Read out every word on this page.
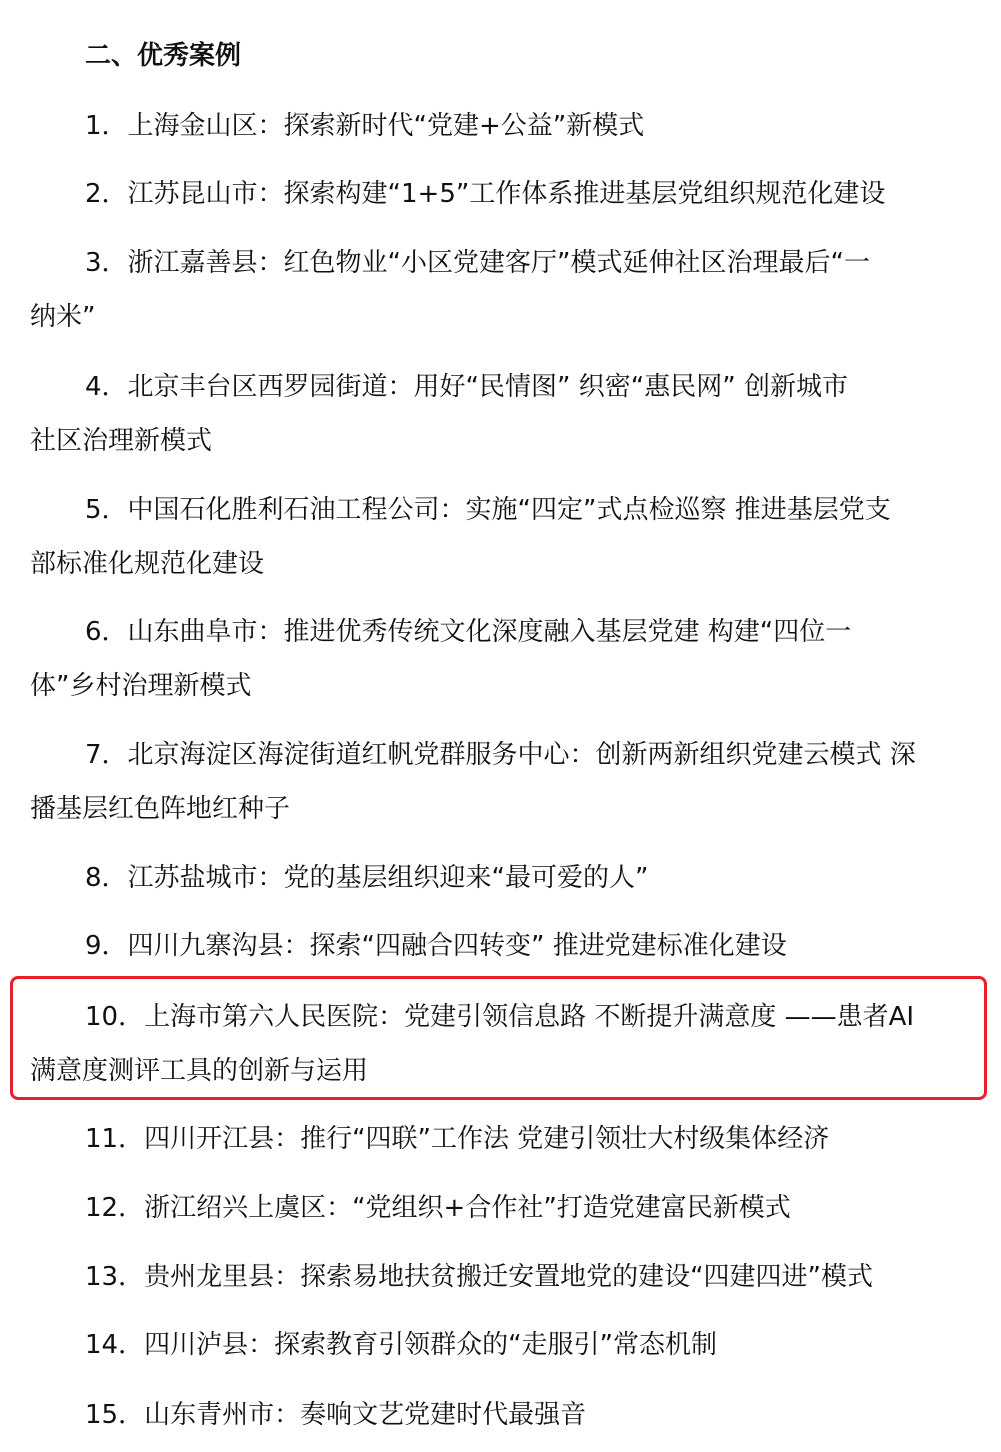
二、优秀案例
1．上海金山区：探索新时代“党建+公益”新模式
2．江苏昆山市：探索构建“1+5”工作体系推进基层党组织规范化建设
3．浙江嘉善县：红色物业“小区党建客厅”模式延伸社区治理最后“一
纳米”
4．北京丰台区西罗园街道：用好“民情图” 织密“惠民网” 创新城市
社区治理新模式
5．中国石化胜利石油工程公司：实施“四定”式点检巡察 推进基层党支
部标准化规范化建设
6．山东曲阜市：推进优秀传统文化深度融入基层党建 构建“四位一
体”乡村治理新模式
7．北京海淀区海淀街道红帆党群服务中心：创新两新组织党建云模式 深
播基层红色阵地红种子
8．江苏盐城市：党的基层组织迎来“最可爱的人”
9．四川九寨沟县：探索“四融合四转变” 推进党建标准化建设
10．上海市第六人民医院：党建引领信息路 不断提升满意度 ——患者AI
满意度测评工具的创新与运用
11．四川开江县：推行“四联”工作法 党建引领壮大村级集体经济
12．浙江绍兴上虞区：“党组织+合作社”打造党建富民新模式
13．贵州龙里县：探索易地扶贫搬迁安置地党的建设“四建四进”模式
14．四川泸县：探索教育引领群众的“走服引”常态机制
15．山东青州市：奏响文艺党建时代最强音
